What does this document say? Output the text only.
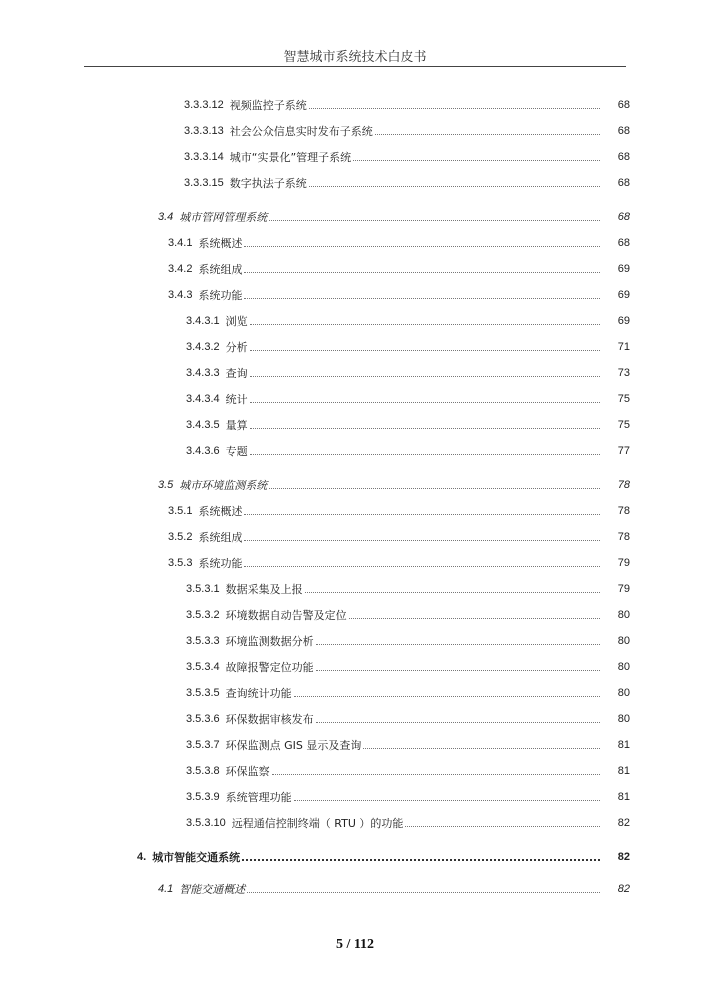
智慧城市系统技术白皮书
3.3.3.12 视频监控子系统	68
3.3.3.13 社会公众信息实时发布子系统	68
3.3.3.14 城市“实景化”管理子系统	68
3.3.3.15 数字执法子系统	68
3.4 城市管网管理系统	68
3.4.1 系统概述	68
3.4.2 系统组成	69
3.4.3 系统功能	69
3.4.3.1 浏览	69
3.4.3.2 分析	71
3.4.3.3 查询	73
3.4.3.4 统计	75
3.4.3.5 量算	75
3.4.3.6 专题	77
3.5 城市环境监测系统	78
3.5.1 系统概述	78
3.5.2 系统组成	78
3.5.3 系统功能	79
3.5.3.1 数据采集及上报	79
3.5.3.2 环境数据自动告警及定位	80
3.5.3.3 环境监测数据分析	80
3.5.3.4 故障报警定位功能	80
3.5.3.5 查询统计功能	80
3.5.3.6 环保数据审核发布	80
3.5.3.7 环保监测点 GIS 显示及查询	81
3.5.3.8 环保监察	81
3.5.3.9 系统管理功能	81
3.5.3.10 远程通信控制终端（ RTU ）的功能	82
4. 城市智能交通系统	82
4.1 智能交通概述	82
5 / 112
